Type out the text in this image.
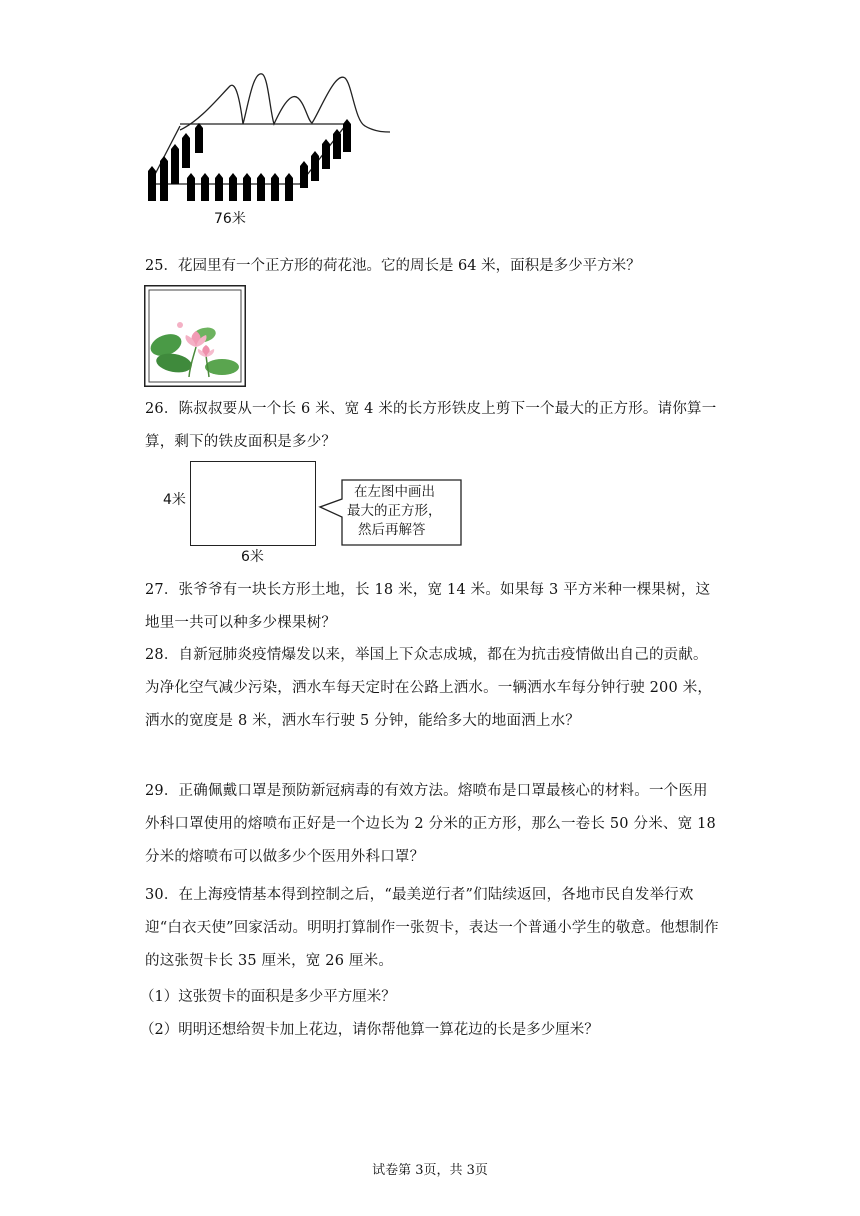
76米
25．花园里有一个正方形的荷花池。它的周长是 64 米，面积是多少平方米？
26．陈叔叔要从一个长 6 米、宽 4 米的长方形铁皮上剪下一个最大的正方形。请你算一算，剩下的铁皮面积是多少？
4米
6米
在左图中画出
最大的正方形，
然后再解答
27．张爷爷有一块长方形土地，长 18 米，宽 14 米。如果每 3 平方米种一棵果树，这地里一共可以种多少棵果树？
28．自新冠肺炎疫情爆发以来，举国上下众志成城，都在为抗击疫情做出自己的贡献。为净化空气减少污染，洒水车每天定时在公路上洒水。一辆洒水车每分钟行驶 200 米，洒水的宽度是 8 米，洒水车行驶 5 分钟，能给多大的地面洒上水？
29．正确佩戴口罩是预防新冠病毒的有效方法。熔喷布是口罩最核心的材料。一个医用外科口罩使用的熔喷布正好是一个边长为 2 分米的正方形，那么一卷长 50 分米、宽 18 分米的熔喷布可以做多少个医用外科口罩？
30．在上海疫情基本得到控制之后，“最美逆行者”们陆续返回，各地市民自发举行欢迎“白衣天使”回家活动。明明打算制作一张贺卡，表达一个普通小学生的敬意。他想制作的这张贺卡长 35 厘米，宽 26 厘米。
（1）这张贺卡的面积是多少平方厘米？
（2）明明还想给贺卡加上花边，请你帮他算一算花边的长是多少厘米？
试卷第 3页，共 3页
